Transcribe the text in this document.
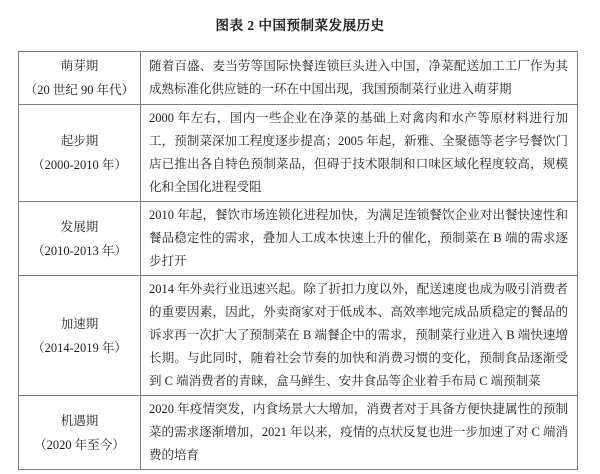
图表 2 中国预制菜发展历史
萌芽期
（20 世纪 90 年代）	随着百盛、麦当劳等国际快餐连锁巨头进入中国，净菜配送加工工厂作为其成熟标准化供应链的一环在中国出现，我国预制菜行业进入萌芽期

起步期
（2000-2010 年）	2000 年左右，国内一些企业在净菜的基础上对禽肉和水产等原材料进行加工，预制菜深加工程度逐步提高；2005 年起，新雅、全聚德等老字号餐饮门店已推出各自特色预制菜品，但碍于技术限制和口味区域化程度较高，规模化和全国化进程受阻

发展期
（2010-2013 年）	2010 年起，餐饮市场连锁化进程加快，为满足连锁餐饮企业对出餐快速性和餐品稳定性的需求，叠加人工成本快速上升的催化，预制菜在 B 端的需求逐步打开

加速期
（2014-2019 年）	2014 年外卖行业迅速兴起。除了折扣力度以外，配送速度也成为吸引消费者的重要因素，因此，外卖商家对于低成本、高效率地完成品质稳定的餐品的诉求再一次扩大了预制菜在 B 端餐企中的需求，预制菜行业进入 B 端快速增长期。与此同时，随着社会节奏的加快和消费习惯的变化，预制食品逐渐受到 C 端消费者的青睐，盒马鲜生、安井食品等企业着手布局 C 端预制菜

机遇期
（2020 年至今）	2020 年疫情突发，内食场景大大增加，消费者对于具备方便快捷属性的预制菜的需求逐渐增加，2021 年以来，疫情的点状反复也进一步加速了对 C 端消费的培育
